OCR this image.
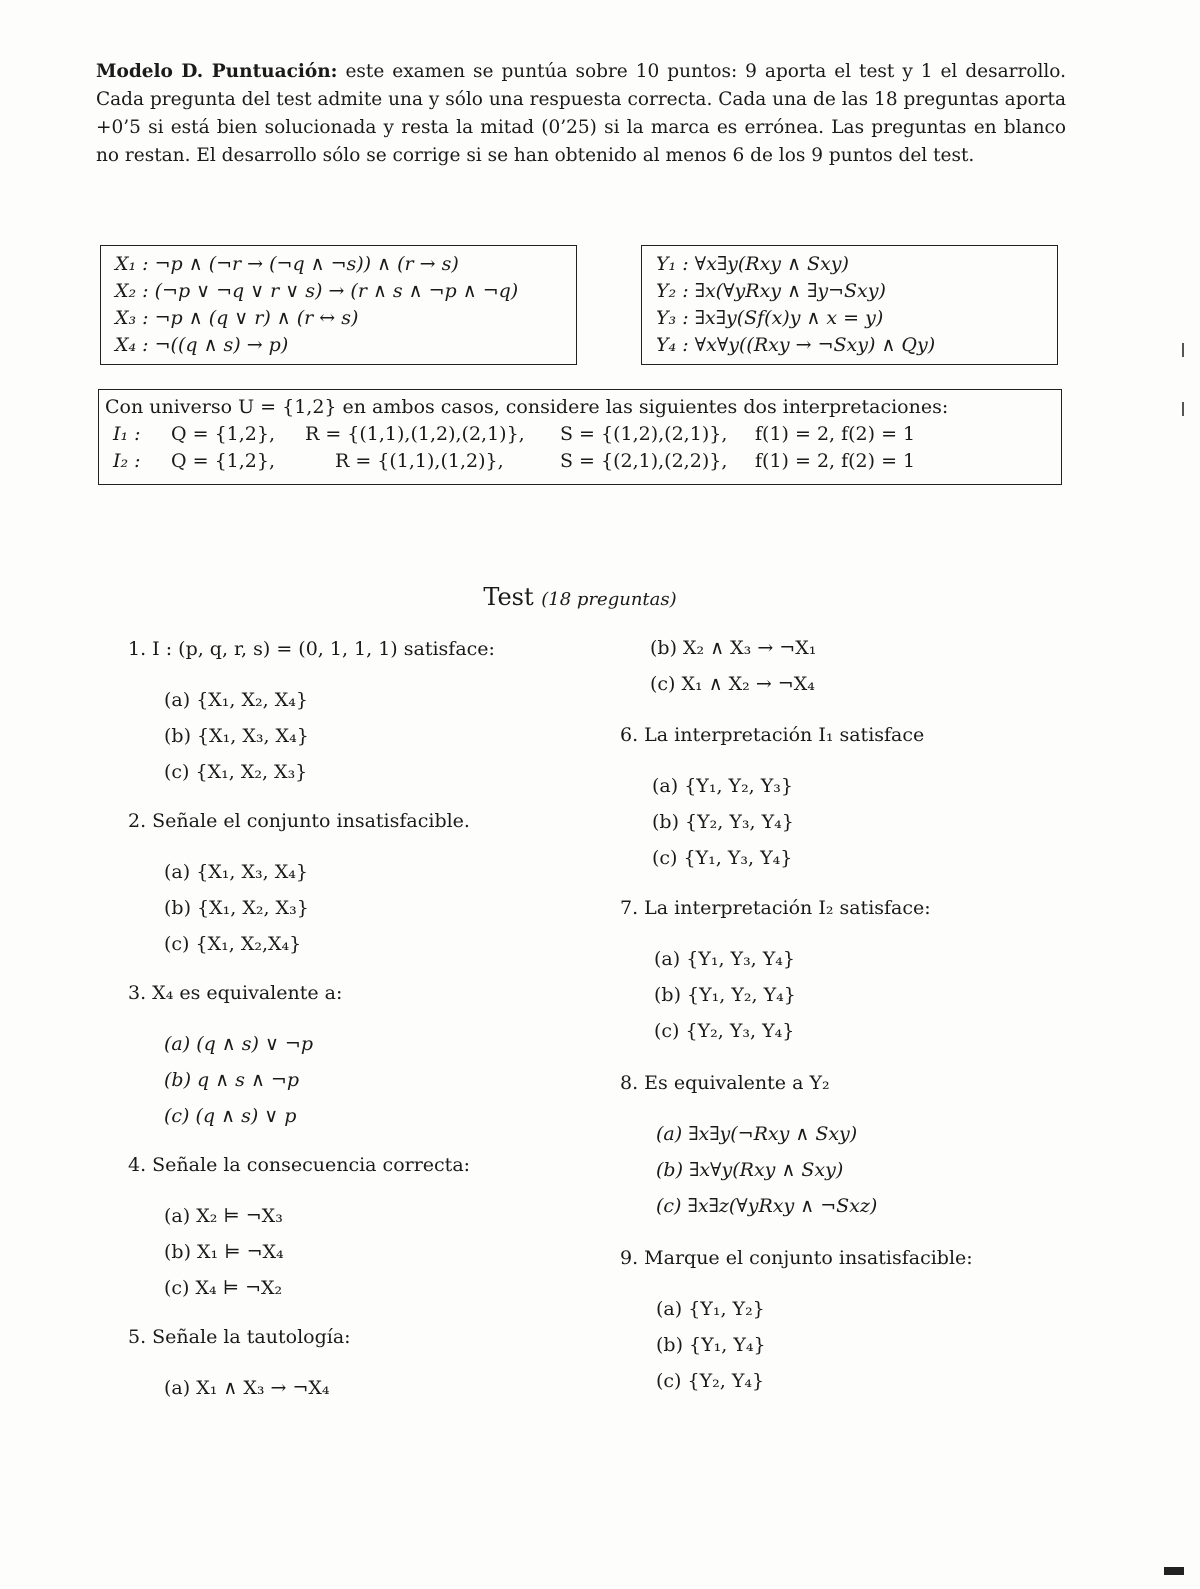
Modelo D. Puntuación: este examen se puntúa sobre 10 puntos: 9 aporta el test y 1 el desarrollo. Cada pregunta del test admite una y sólo una respuesta correcta. Cada una de las 18 preguntas aporta +0’5 si está bien solucionada y resta la mitad (0’25) si la marca es errónea. Las preguntas en blanco no restan. El desarrollo sólo se corrige si se han obtenido al menos 6 de los 9 puntos del test.
X₁ : ¬p ∧ (¬r → (¬q ∧ ¬s)) ∧ (r → s)
X₂ : (¬p ∨ ¬q ∨ r ∨ s) → (r ∧ s ∧ ¬p ∧ ¬q)
X₃ : ¬p ∧ (q ∨ r) ∧ (r ↔ s)
X₄ : ¬((q ∧ s) → p)
Y₁ : ∀x∃y(Rxy ∧ Sxy)
Y₂ : ∃x(∀yRxy ∧ ∃y¬Sxy)
Y₃ : ∃x∃y(Sf(x)y ∧ x = y)
Y₄ : ∀x∀y((Rxy → ¬Sxy) ∧ Qy)
Con universo U = {1,2} en ambos casos, considere las siguientes dos interpretaciones:
I₁ : Q = {1,2}, R = {(1,1),(1,2),(2,1)}, S = {(1,2),(2,1)}, f(1) = 2, f(2) = 1
I₂ : Q = {1,2},	R = {(1,1),(1,2)},	S = {(2,1),(2,2)}, f(1) = 2, f(2) = 1
Test (18 preguntas)
1. I : (p, q, r, s) = (0, 1, 1, 1) satisface:
(a) {X₁, X₂, X₄}
(b) {X₁, X₃, X₄}
(c) {X₁, X₂, X₃}
2. Señale el conjunto insatisfacible.
(a) {X₁, X₃, X₄}
(b) {X₁, X₂, X₃}
(c) {X₁, X₂,X₄}
3. X₄ es equivalente a:
(a) (q ∧ s) ∨ ¬p
(b) q ∧ s ∧ ¬p
(c) (q ∧ s) ∨ p
4. Señale la consecuencia correcta:
(a) X₂ ⊨ ¬X₃
(b) X₁ ⊨ ¬X₄
(c) X₄ ⊨ ¬X₂
5. Señale la tautología:
(a) X₁ ∧ X₃ → ¬X₄
(b) X₂ ∧ X₃ → ¬X₁
(c) X₁ ∧ X₂ → ¬X₄
6. La interpretación I₁ satisface
(a) {Y₁, Y₂, Y₃}
(b) {Y₂, Y₃, Y₄}
(c) {Y₁, Y₃, Y₄}
7. La interpretación I₂ satisface:
(a) {Y₁, Y₃, Y₄}
(b) {Y₁, Y₂, Y₄}
(c) {Y₂, Y₃, Y₄}
8. Es equivalente a Y₂
(a) ∃x∃y(¬Rxy ∧ Sxy)
(b) ∃x∀y(Rxy ∧ Sxy)
(c) ∃x∃z(∀yRxy ∧ ¬Sxz)
9. Marque el conjunto insatisfacible:
(a) {Y₁, Y₂}
(b) {Y₁, Y₄}
(c) {Y₂, Y₄}
